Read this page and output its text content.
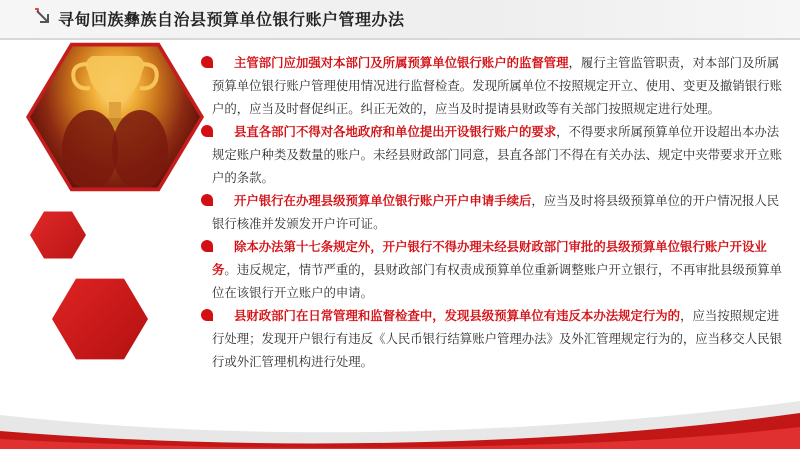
寻甸回族彝族自治县预算单位银行账户管理办法

主管部门应加强对本部门及所属预算单位银行账户的监督管理，履行主管监管职责，对本部门及所属预算单位银行账户管理使用情况进行监督检查。发现所属单位不按照规定开立、使用、变更及撤销银行账户的，应当及时督促纠正。纠正无效的，应当及时提请县财政等有关部门按照规定进行处理。

县直各部门不得对各地政府和单位提出开设银行账户的要求，不得要求所属预算单位开设超出本办法规定账户种类及数量的账户。未经县财政部门同意，县直各部门不得在有关办法、规定中夹带要求开立账户的条款。

开户银行在办理县级预算单位银行账户开户申请手续后，应当及时将县级预算单位的开户情况报人民银行核准并发颁发开户许可证。

除本办法第十七条规定外，开户银行不得办理未经县财政部门审批的县级预算单位银行账户开设业务。违反规定，情节严重的，县财政部门有权责成预算单位重新调整账户开立银行，不再审批县级预算单位在该银行开立账户的申请。

县财政部门在日常管理和监督检查中，发现县级预算单位有违反本办法规定行为的，应当按照规定进行处理；发现开户银行有违反《人民币银行结算账户管理办法》及外汇管理规定行为的，应当移交人民银行或外汇管理机构进行处理。
